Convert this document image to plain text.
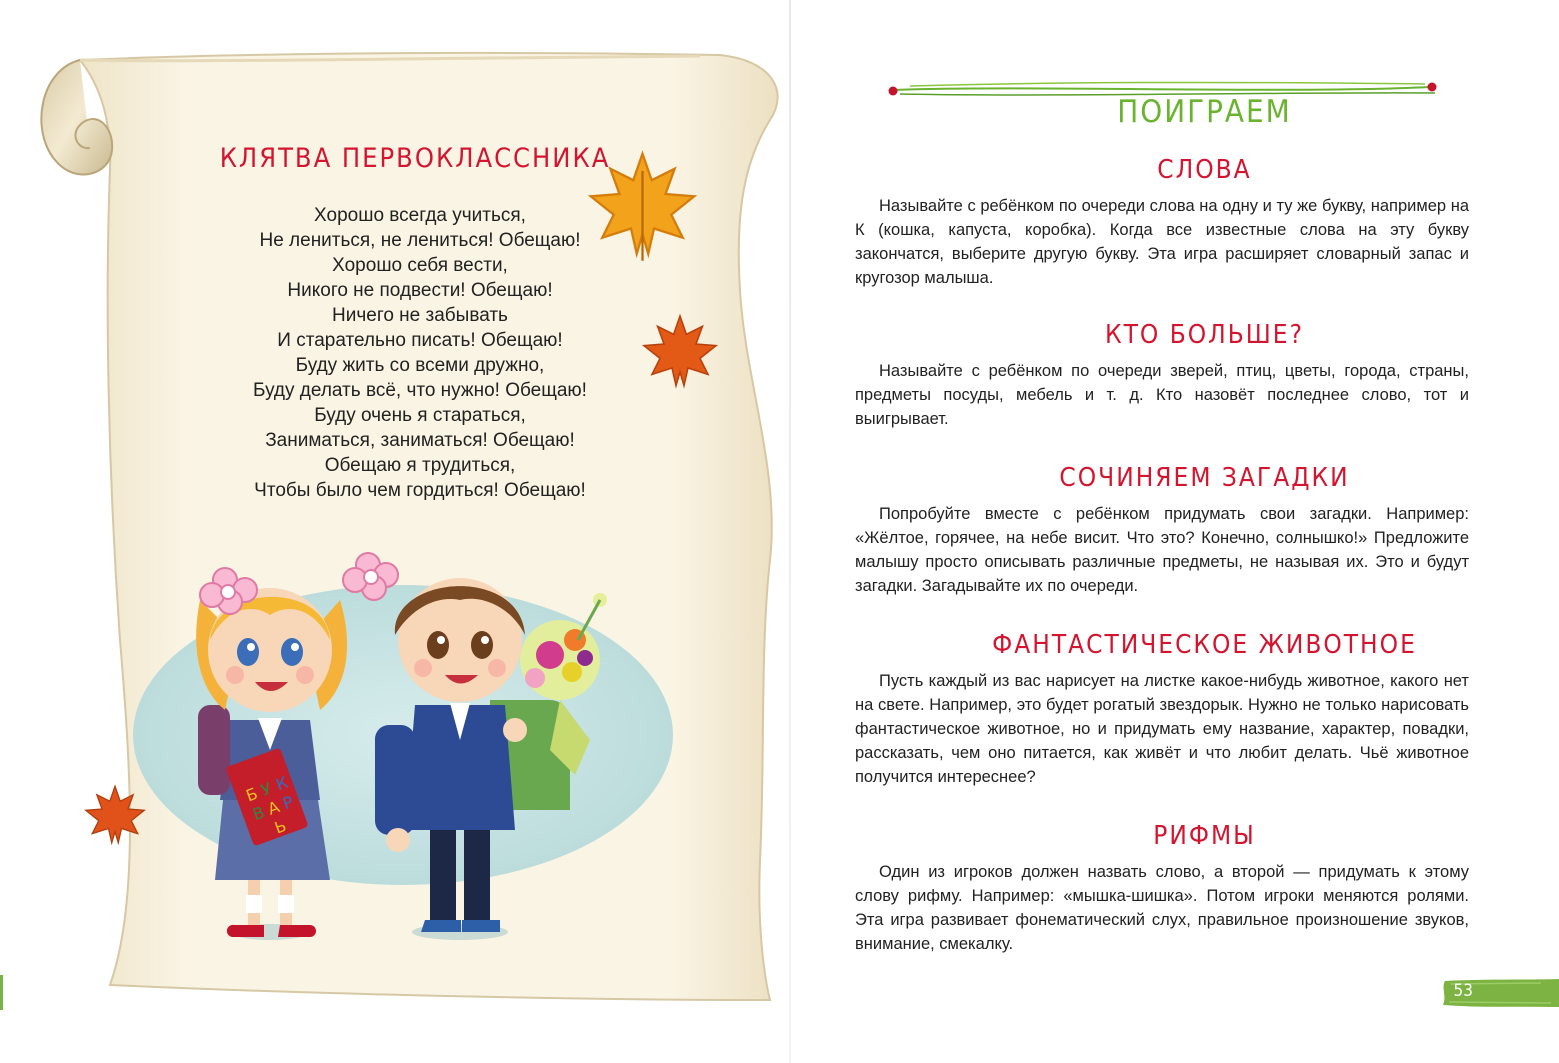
КЛЯТВА ПЕРВОКЛАССНИКА
Хорошо всегда учиться,
Не лениться, не лениться! Обещаю!
Хорошо себя вести,
Никого не подвести! Обещаю!
Ничего не забывать
И старательно писать! Обещаю!
Буду жить со всеми дружно,
Буду делать всё, что нужно! Обещаю!
Буду очень я стараться,
Заниматься, заниматься! Обещаю!
Обещаю я трудиться,
Чтобы было чем гордиться! Обещаю!
Б
У К
В
А
Р
Ь
ПОИГРАЕМ
СЛОВА

Называйте с ребёнком по очереди слова на одну и ту же букву, например на К (кошка, капуста, коробка). Когда все известные слова на эту букву закончатся, выберите другую букву. Эта игра расширяет словарный запас и кругозор малыша.

КТО БОЛЬШЕ?

Называйте с ребёнком по очереди зверей, птиц, цветы, города, страны, предметы посуды, мебель и т. д. Кто назовёт последнее слово, тот и выигрывает.

СОЧИНЯЕМ ЗАГАДКИ

Попробуйте вместе с ребёнком придумать свои загадки. Например: «Жёлтое, горячее, на небе висит. Что это? Конечно, солнышко!» Предложите малышу просто описывать различные предметы, не называя их. Это и будут загадки. Загадывайте их по очереди.

ФАНТАСТИЧЕСКОЕ ЖИВОТНОЕ

Пусть каждый из вас нарисует на листке какое-нибудь животное, какого нет на свете. Например, это будет рогатый звездорык. Нужно не только нарисовать фантастическое животное, но и придумать ему название, характер, повадки, рассказать, чем оно питается, как живёт и что любит делать. Чьё животное получится интереснее?

РИФМЫ

Один из игроков должен назвать слово, а второй — придумать к этому слову рифму. Например: «мышка-шишка». Потом игроки меняются ролями. Эта игра развивает фонематический слух, правильное произношение звуков, внимание, смекалку.

53
